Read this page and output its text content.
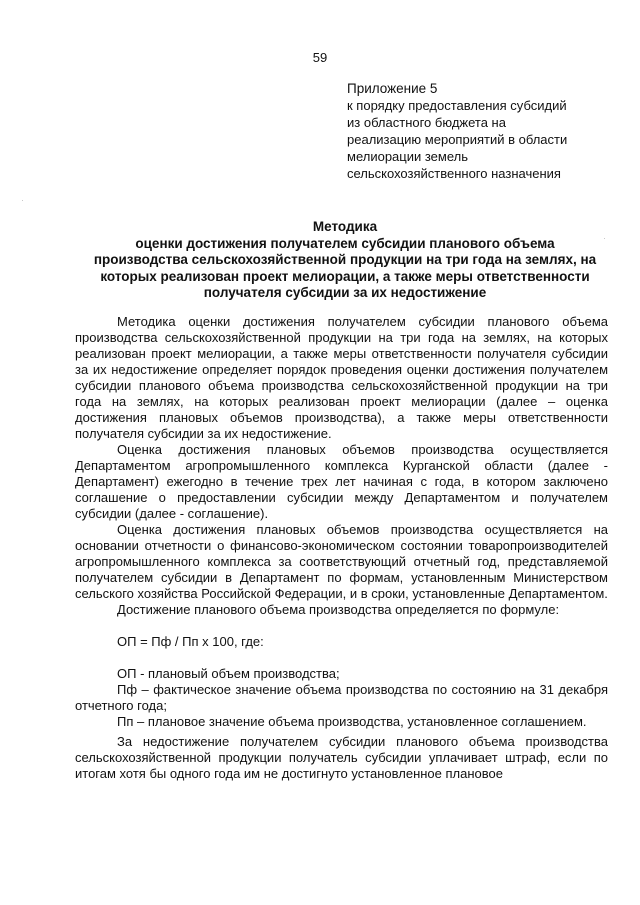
59
Приложение 5
к порядку предоставления субсидий
из областного бюджета на
реализацию мероприятий в области
мелиорации земель
сельскохозяйственного назначения
Методика
оценки достижения получателем субсидии планового объема
производства сельскохозяйственной продукции на три года на землях, на
которых реализован проект мелиорации, а также меры ответственности
получателя субсидии за их недостижение

Методика оценки достижения получателем субсидии планового объема производства сельскохозяйственной продукции на три года на землях, на которых реализован проект мелиорации, а также меры ответственности получателя субсидии за их недостижение определяет порядок проведения оценки достижения получателем субсидии планового объема производства сельскохозяйственной продукции на три года на землях, на которых реализован проект мелиорации (далее – оценка достижения плановых объемов производства), а также меры ответственности получателя субсидии за их недостижение.

Оценка достижения плановых объемов производства осуществляется Департаментом агропромышленного комплекса Курганской области (далее - Департамент) ежегодно в течение трех лет начиная с года, в котором заключено соглашение о предоставлении субсидии между Департаментом и получателем субсидии (далее - соглашение).

Оценка достижения плановых объемов производства осуществляется на основании отчетности о финансово-экономическом состоянии товаропроизводителей агропромышленного комплекса за соответствующий отчетный год, представляемой получателем субсидии в Департамент по формам, установленным Министерством сельского хозяйства Российской Федерации, и в сроки, установленные Департаментом.

Достижение планового объема производства определяется по формуле:

ОП = Пф / Пп х 100, где:

ОП - плановый объем производства;

Пф – фактическое значение объема производства по состоянию на 31 декабря отчетного года;

Пп – плановое значение объема производства, установленное соглашением.

За недостижение получателем субсидии планового объема производства сельскохозяйственной продукции получатель субсидии уплачивает штраф, если по итогам хотя бы одного года им не достигнуто установленное плановое
